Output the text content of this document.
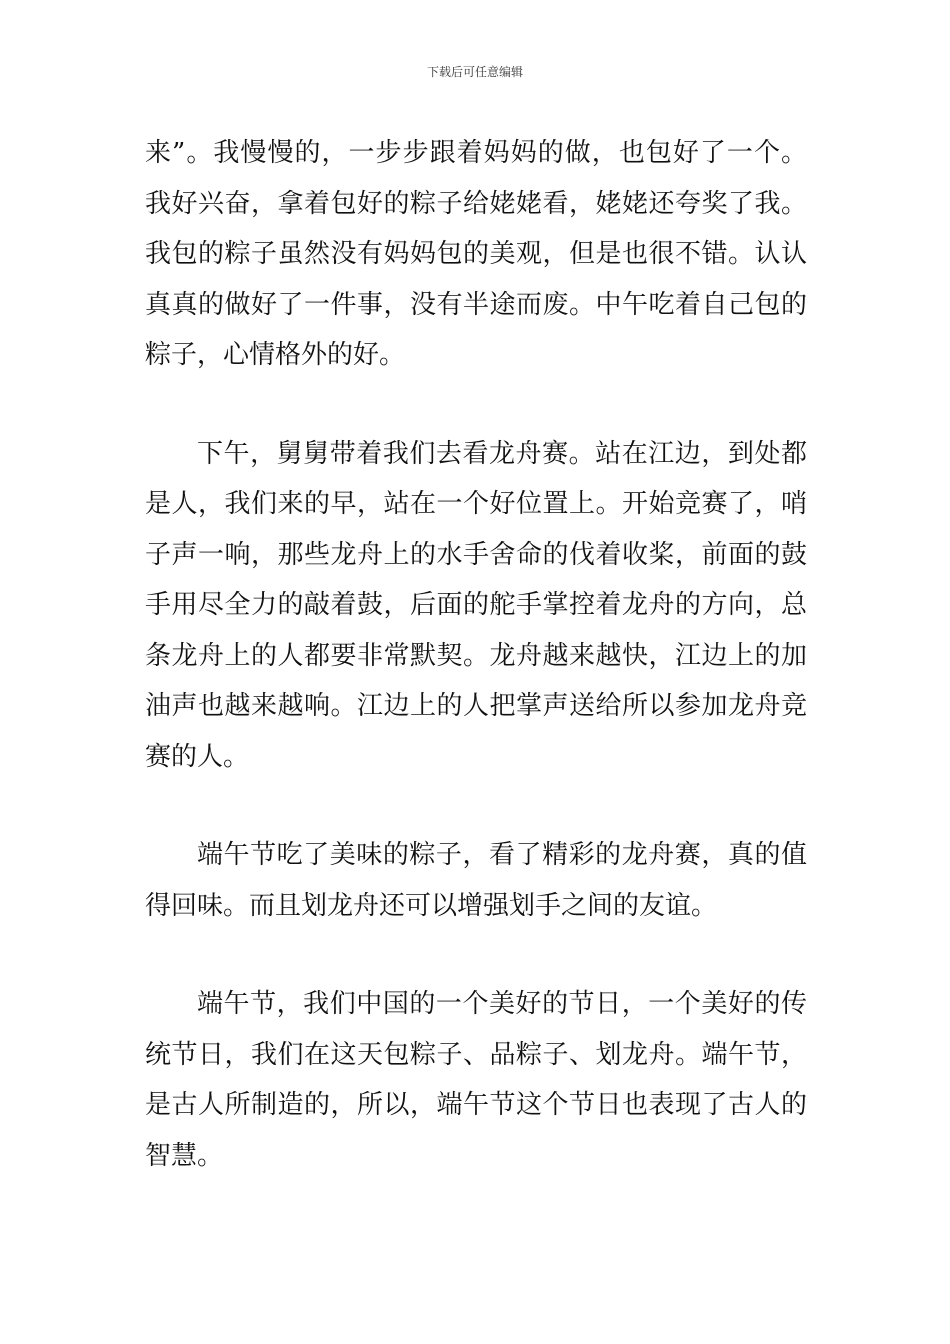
下载后可任意编辑

来”。我慢慢的，一步步跟着妈妈的做，也包好了一个。我好兴奋，拿着包好的粽子给姥姥看，姥姥还夸奖了我。我包的粽子虽然没有妈妈包的美观，但是也很不错。认认真真的做好了一件事，没有半途而废。中午吃着自己包的粽子，心情格外的好。

下午，舅舅带着我们去看龙舟赛。站在江边，到处都是人，我们来的早，站在一个好位置上。开始竞赛了，哨子声一响，那些龙舟上的水手舍命的伐着收桨，前面的鼓手用尽全力的敲着鼓，后面的舵手掌控着龙舟的方向，总条龙舟上的人都要非常默契。龙舟越来越快，江边上的加油声也越来越响。江边上的人把掌声送给所以参加龙舟竞赛的人。

端午节吃了美味的粽子，看了精彩的龙舟赛，真的值得回味。而且划龙舟还可以增强划手之间的友谊。

端午节，我们中国的一个美好的节日，一个美好的传统节日，我们在这天包粽子、品粽子、划龙舟。端午节，是古人所制造的，所以，端午节这个节日也表现了古人的智慧。
